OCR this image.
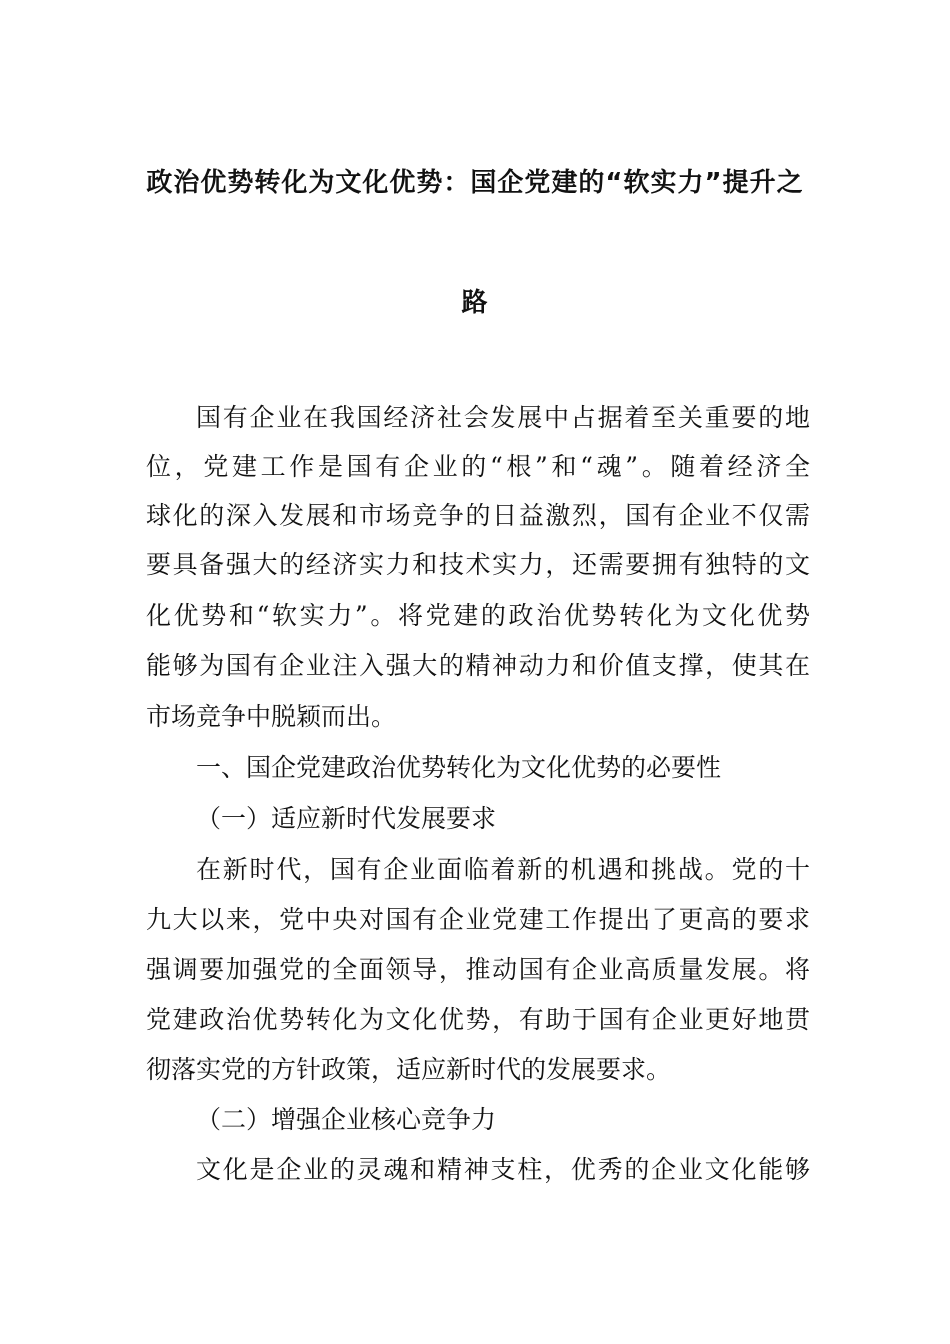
政治优势转化为文化优势：国企党建的“软实力”提升之
路
国有企业在我国经济社会发展中占据着至关重要的地
位，党建工作是国有企业的“根”和“魂”。随着经济全
球化的深入发展和市场竞争的日益激烈，国有企业不仅需
要具备强大的经济实力和技术实力，还需要拥有独特的文
化优势和“软实力”。将党建的政治优势转化为文化优势
能够为国有企业注入强大的精神动力和价值支撑，使其在
市场竞争中脱颖而出。
一、国企党建政治优势转化为文化优势的必要性
（一）适应新时代发展要求
在新时代，国有企业面临着新的机遇和挑战。党的十
九大以来，党中央对国有企业党建工作提出了更高的要求
强调要加强党的全面领导，推动国有企业高质量发展。将
党建政治优势转化为文化优势，有助于国有企业更好地贯
彻落实党的方针政策，适应新时代的发展要求。
（二）增强企业核心竞争力
文化是企业的灵魂和精神支柱，优秀的企业文化能够
